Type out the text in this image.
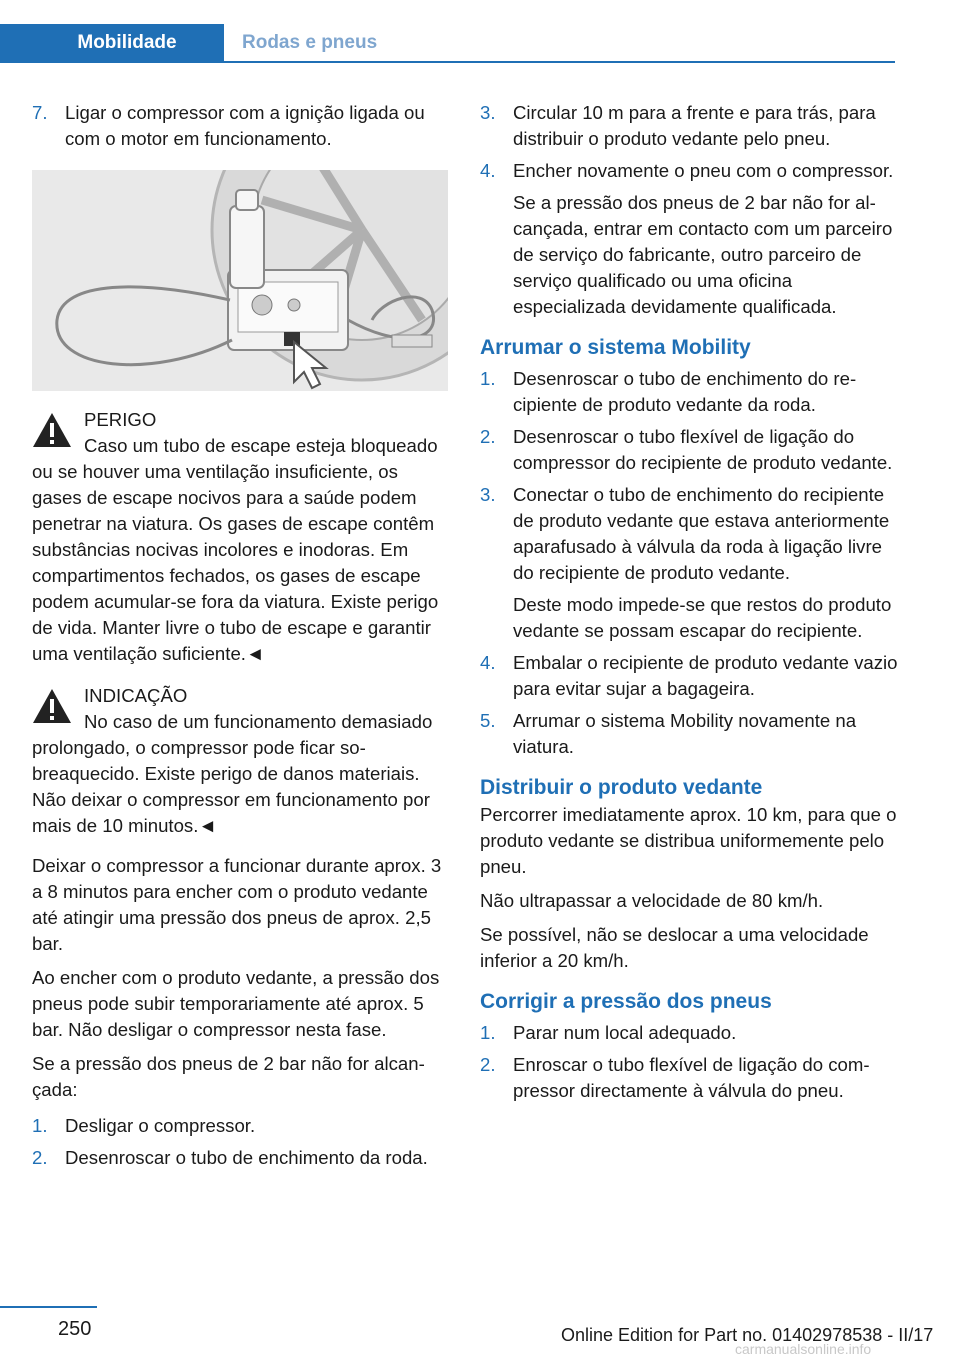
Mobilidade	Rodas e pneus
7. Ligar o compressor com a ignição ligada ou com o motor em funcionamento.

PERIGO

Caso um tubo de escape esteja bloqueado ou se houver uma ventilação insuficiente, os gases de escape nocivos para a saúde podem penetrar na viatura. Os gases de escape contêm substâncias nocivas incolores e inodoras. Em compartimentos fechados, os gases de escape podem acumular-se fora da viatura. Existe perigo de vida. Manter livre o tubo de escape e garantir uma ventilação suficiente.◄

INDICAÇÃO

No caso de um funcionamento demasiado prolongado, o compressor pode ficar sobreaquecido. Existe perigo de danos materiais. Não deixar o compressor em funcionamento por mais de 10 minutos.◄

Deixar o compressor a funcionar durante aprox. 3 a 8 minutos para encher com o produto vedante até atingir uma pressão dos pneus de aprox. 2,5 bar.

Ao encher com o produto vedante, a pressão dos pneus pode subir temporariamente até aprox. 5 bar. Não desligar o compressor nesta fase.

Se a pressão dos pneus de 2 bar não for alcançada:

1. Desligar o compressor.

2. Desenroscar o tubo de enchimento da roda.

3. Circular 10 m para a frente e para trás, para distribuir o produto vedante pelo pneu.

4. Encher novamente o pneu com o compressor.

Se a pressão dos pneus de 2 bar não for alcançada, entrar em contacto com um parceiro de serviço do fabricante, outro parceiro de serviço qualificado ou uma oficina especializada devidamente qualificada.

Arrumar o sistema Mobility
1. Desenroscar o tubo de enchimento do recipiente de produto vedante da roda.

2. Desenroscar o tubo flexível de ligação do compressor do recipiente de produto vedante.

3. Conectar o tubo de enchimento do recipiente de produto vedante que estava anteriormente aparafusado à válvula da roda à ligação livre do recipiente de produto vedante.

Deste modo impede-se que restos do produto vedante se possam escapar do recipiente.

4. Embalar o recipiente de produto vedante vazio para evitar sujar a bagageira.

5. Arrumar o sistema Mobility novamente na viatura.

Distribuir o produto vedante

Percorrer imediatamente aprox. 10 km, para que o produto vedante se distribua uniformemente pelo pneu.

Não ultrapassar a velocidade de 80 km/h.

Se possível, não se deslocar a uma velocidade inferior a 20 km/h.

Corrigir a pressão dos pneus
1. Parar num local adequado.

2. Enroscar o tubo flexível de ligação do compressor directamente à válvula do pneu.

250	Online Edition for Part no. 01402978538 - II/17
carmanualsonline.info
